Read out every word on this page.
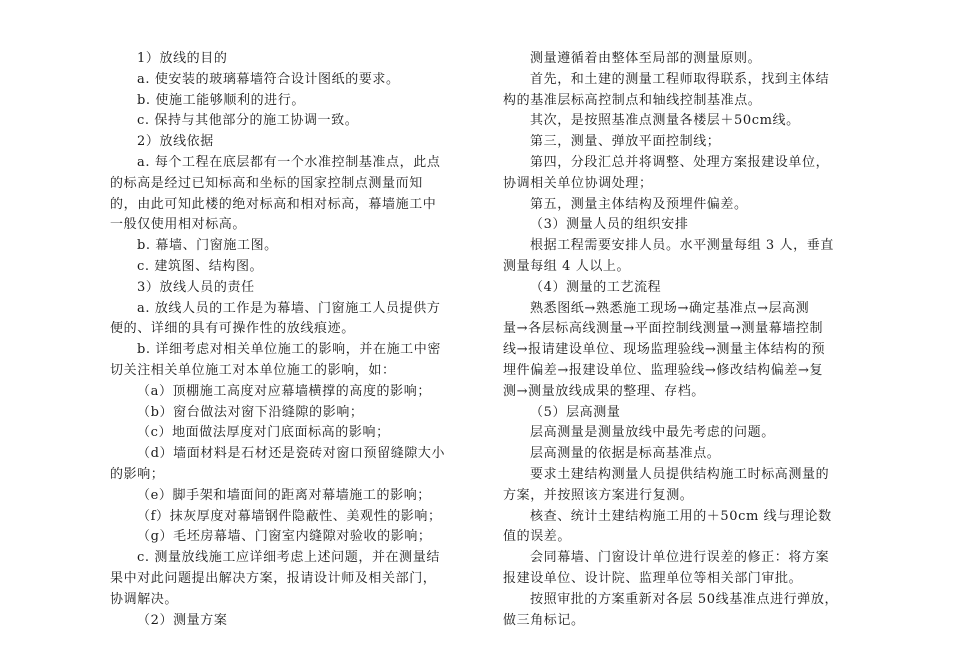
1）放线的目的
a. 使安装的玻璃幕墙符合设计图纸的要求。
b. 使施工能够顺利的进行。
c. 保持与其他部分的施工协调一致。
2）放线依据
a. 每个工程在底层都有一个水准控制基准点，此点
的标高是经过已知标高和坐标的国家控制点测量而知
的，由此可知此楼的绝对标高和相对标高，幕墙施工中
一般仅使用相对标高。
b. 幕墙、门窗施工图。
c. 建筑图、结构图。
3）放线人员的责任
a. 放线人员的工作是为幕墙、门窗施工人员提供方
便的、详细的具有可操作性的放线痕迹。
b. 详细考虑对相关单位施工的影响，并在施工中密
切关注相关单位施工对本单位施工的影响，如：
（a）顶棚施工高度对应幕墙横撑的高度的影响；
（b）窗台做法对窗下沿缝隙的影响；
（c）地面做法厚度对门底面标高的影响；
（d）墙面材料是石材还是瓷砖对窗口预留缝隙大小
的影响；
（e）脚手架和墙面间的距离对幕墙施工的影响；
（f）抹灰厚度对幕墙钢件隐蔽性、美观性的影响；
（g）毛坯房幕墙、门窗室内缝隙对验收的影响；
c. 测量放线施工应详细考虑上述问题，并在测量结
果中对此问题提出解决方案，报请设计师及相关部门，
协调解决。
（2）测量方案
测量遵循着由整体至局部的测量原则。
首先，和土建的测量工程师取得联系，找到主体结
构的基准层标高控制点和轴线控制基准点。
其次，是按照基准点测量各楼层＋50cm线。
第三，测量、弹放平面控制线；
第四，分段汇总并将调整、处理方案报建设单位，
协调相关单位协调处理；
第五，测量主体结构及预埋件偏差。
（3）测量人员的组织安排
根据工程需要安排人员。水平测量每组 3 人，垂直
测量每组 4 人以上。
（4）测量的工艺流程
熟悉图纸→熟悉施工现场→确定基准点→层高测
量→各层标高线测量→平面控制线测量→测量幕墙控制
线→报请建设单位、现场监理验线→测量主体结构的预
埋件偏差→报建设单位、监理验线→修改结构偏差→复
测→测量放线成果的整理、存档。
（5）层高测量
层高测量是测量放线中最先考虑的问题。
层高测量的依据是标高基准点。
要求土建结构测量人员提供结构施工时标高测量的
方案，并按照该方案进行复测。
核查、统计土建结构施工用的＋50cm 线与理论数
值的误差。
会同幕墙、门窗设计单位进行误差的修正：将方案
报建设单位、设计院、监理单位等相关部门审批。
按照审批的方案重新对各层 50线基准点进行弹放，
做三角标记。
